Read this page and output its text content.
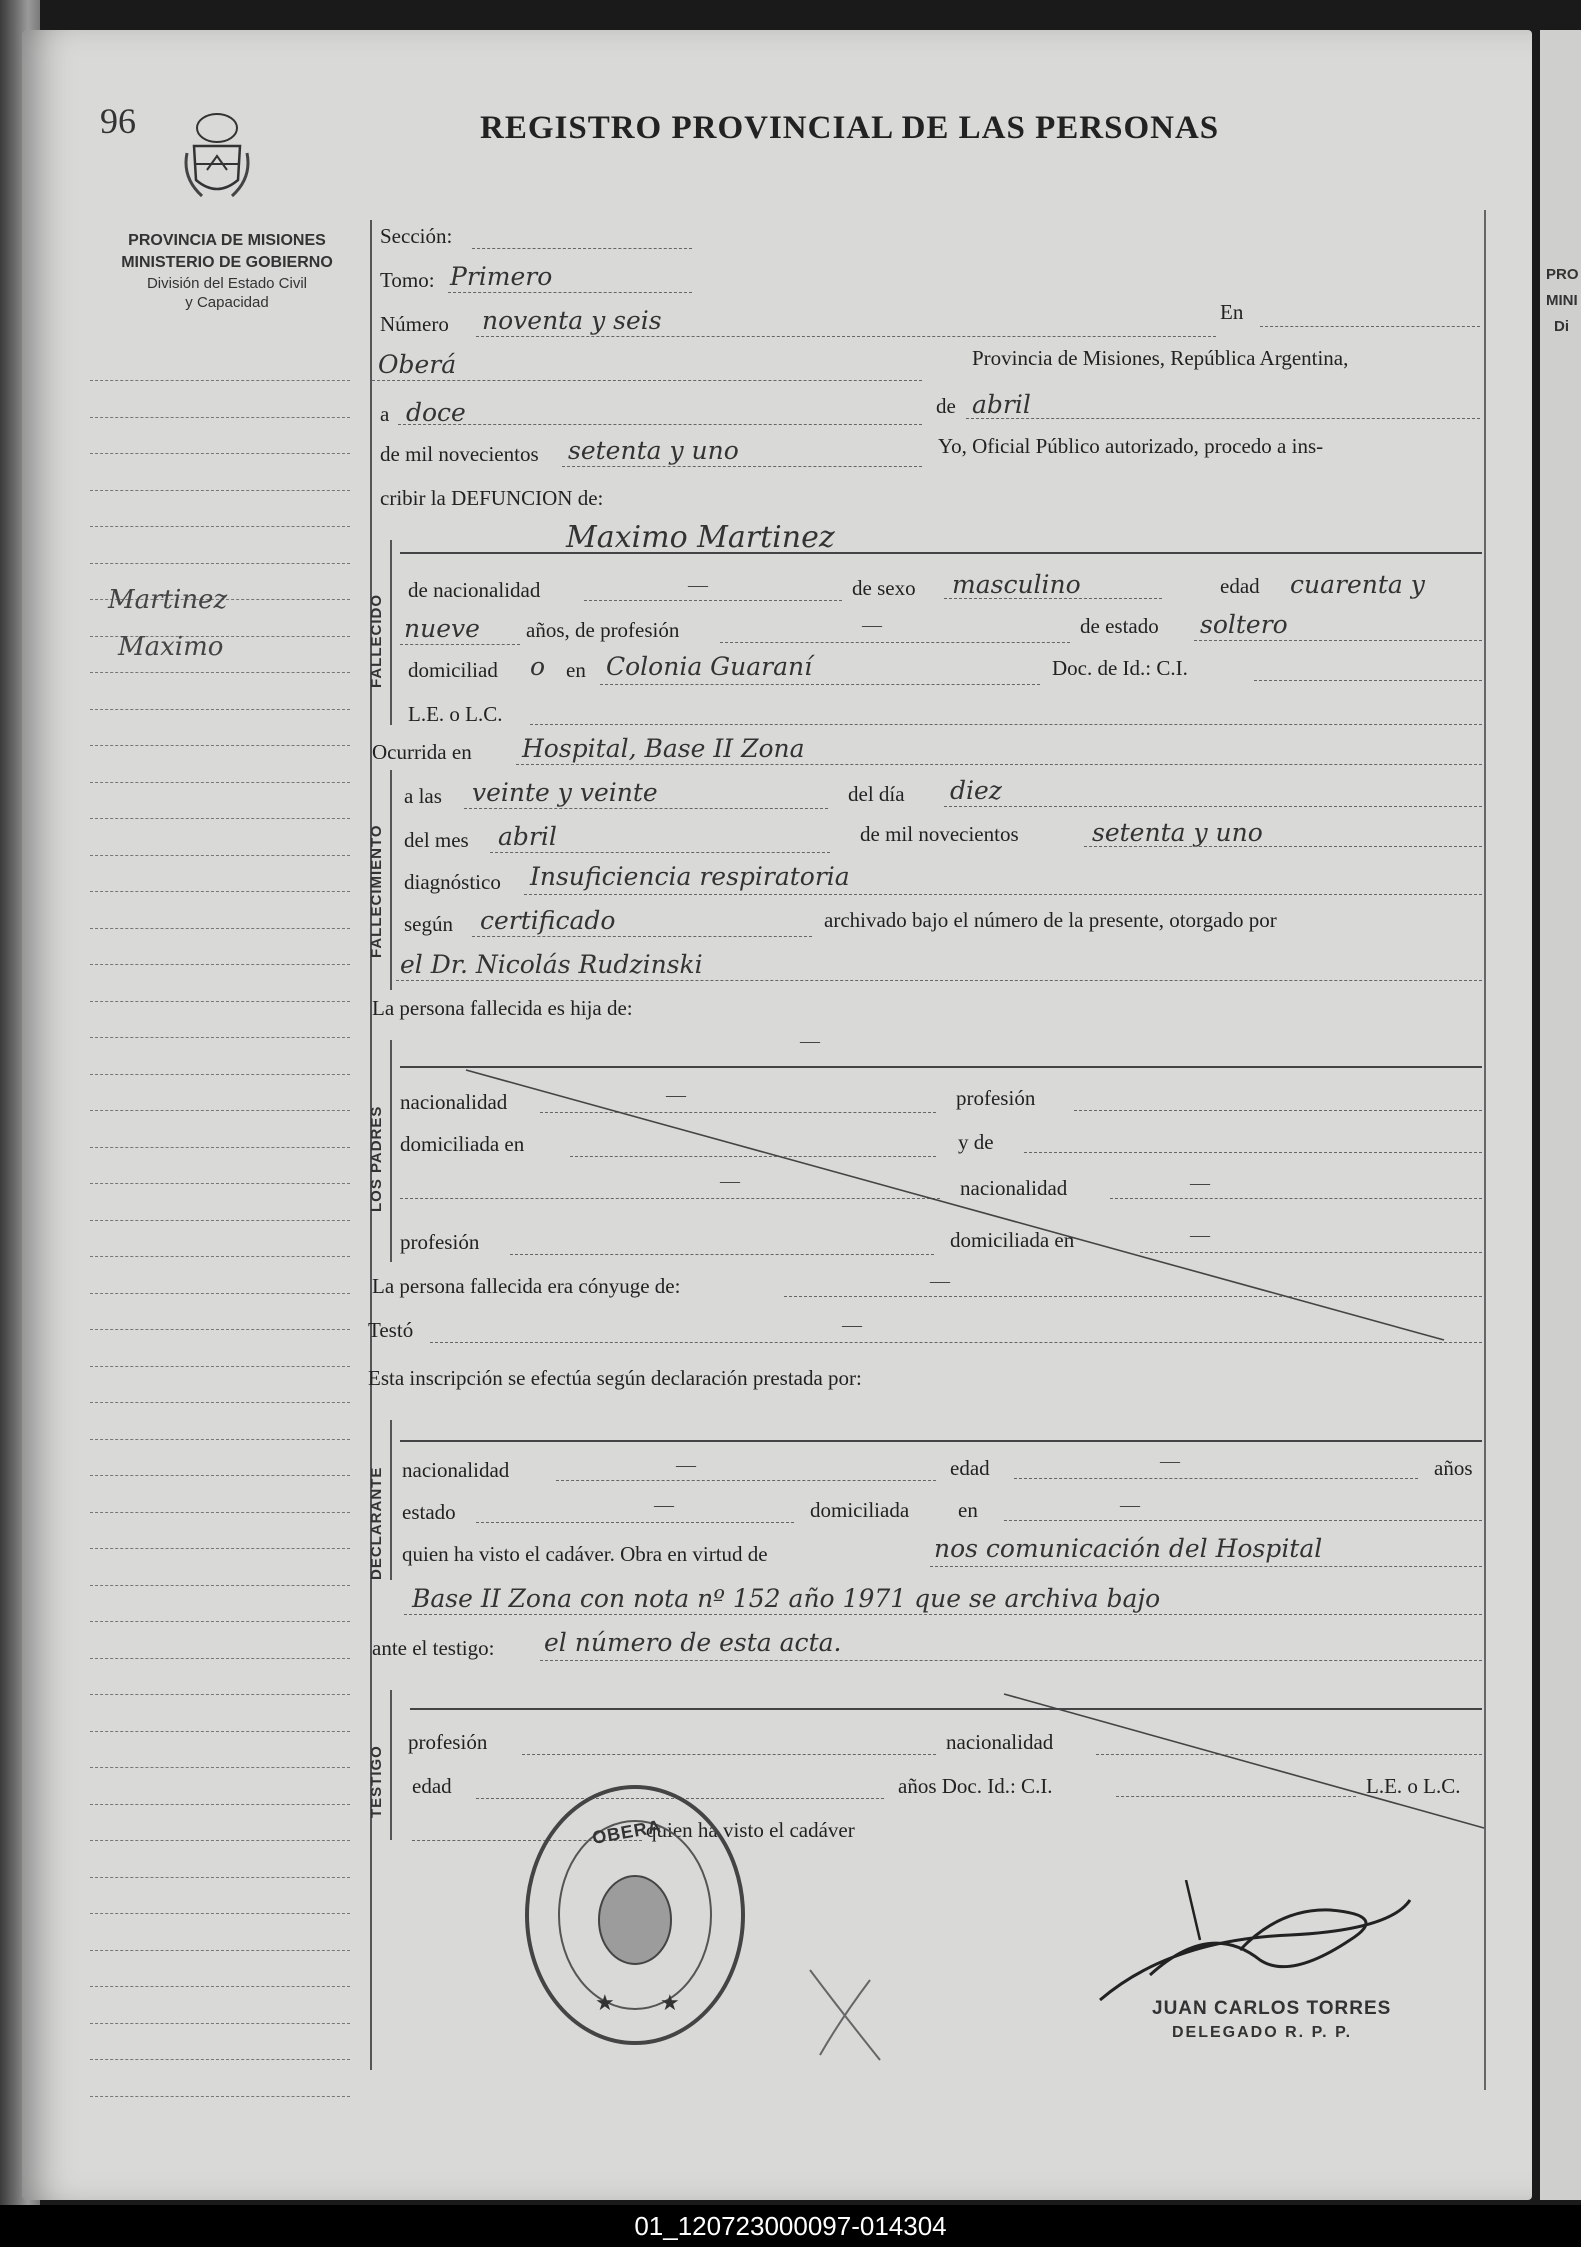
PRO
MINI
Di
96	REGISTRO PROVINCIAL DE LAS PERSONAS
PROVINCIA DE MISIONES
MINISTERIO DE GOBIERNO
División del Estado Civil
y Capacidad
Martinez
Maximo
Sección:
Tomo: Primero
Número noventa y seis	En
Oberá	Provincia de Misiones, República Argentina,
a doce	de abril
de mil novecientos setenta y uno	Yo, Oficial Público autorizado, procedo a ins-
cribir la DEFUNCION de:
FALLECIDO
Maximo Martinez
de nacionalidad	—	de sexo masculino	edad cuarenta y
nueve años, de profesión	—	de estado soltero
domiciliad o en Colonia Guaraní	Doc. de Id.: C.I.
L.E. o L.C.
Ocurrida en Hospital, Base II Zona
FALLECIMIENTO
a las veinte y veinte	del día diez
del mes abril	de mil novecientos	setenta y uno
diagnóstico Insuficiencia respiratoria
según certificado	archivado bajo el número de la presente, otorgado por
el Dr. Nicolás Rudzinski
La persona fallecida es hija de:
LOS PADRES
—
nacionalidad	—	profesión
domiciliada en	y de
—	nacionalidad	—
profesión	domiciliada en	—
La persona fallecida era cónyuge de:	—
Testó	—
Esta inscripción se efectúa según declaración prestada por:
DECLARANTE nacionalidad	—	edad	—	años
estado	—	domiciliada en	—
quien ha visto el cadáver. Obra en virtud de	nos comunicación del Hospital
Base II Zona con nota nº 152 año 1971 que se archiva bajo
ante el testigo: el número de esta acta.
TESTIGO
profesión	nacionalidad
edad	años Doc. Id.: C.I.	L.E. o L.C.
quien ha visto el cadáver
★ ★
OBERA
JUAN CARLOS TORRES
DELEGADO R. P. P.
01_120723000097-014304
